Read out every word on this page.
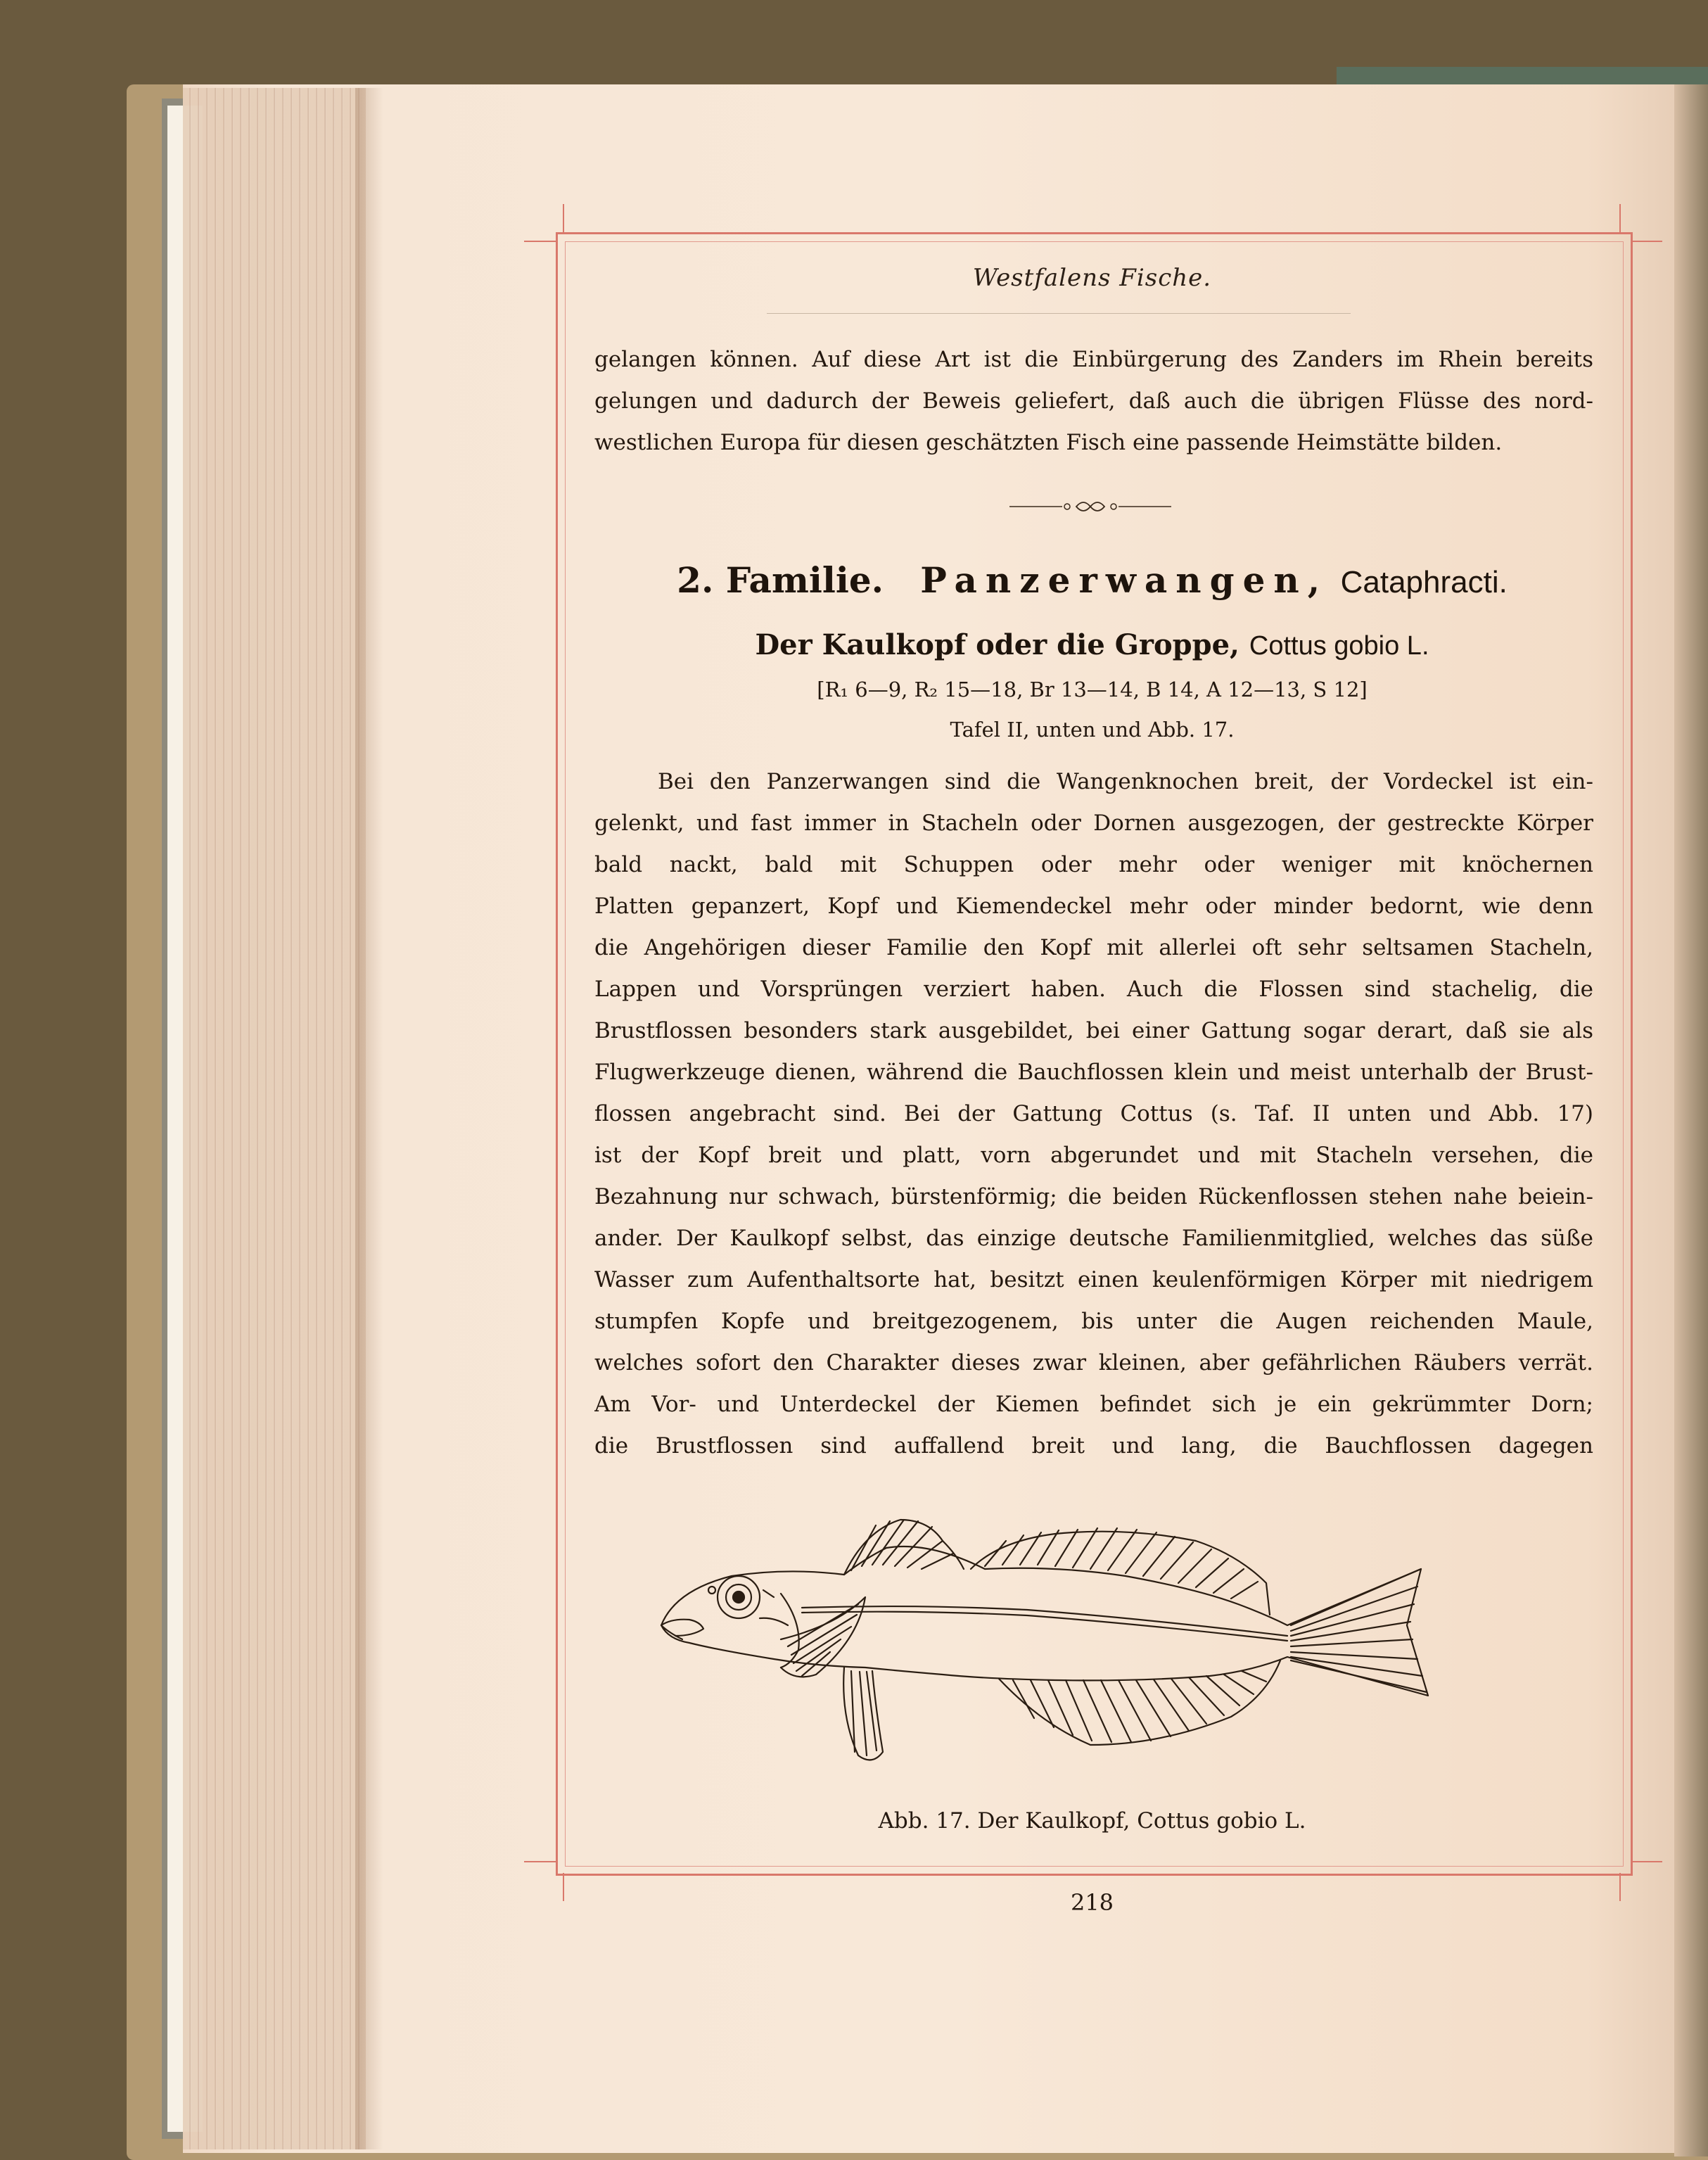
Westfalens Fische.
gelangen können. Auf diese Art ist die Einbürgerung des Zanders im Rhein bereits
gelungen und dadurch der Beweis geliefert, daß auch die übrigen Flüsse des nord-
westlichen Europa für diesen geschätzten Fisch eine passende Heimstätte bilden.
2. Familie. Panzerwangen, Cataphracti.
Der Kaulkopf oder die Groppe, Cottus gobio L.
[R₁ 6—9, R₂ 15—18, Br 13—14, B 14, A 12—13, S 12]
Tafel II, unten und Abb. 17.
Bei den Panzerwangen sind die Wangenknochen breit, der Vordeckel ist ein-
gelenkt, und fast immer in Stacheln oder Dornen ausgezogen, der gestreckte Körper
bald nackt, bald mit Schuppen oder mehr oder weniger mit knöchernen
Platten gepanzert, Kopf und Kiemendeckel mehr oder minder bedornt, wie denn
die Angehörigen dieser Familie den Kopf mit allerlei oft sehr seltsamen Stacheln,
Lappen und Vorsprüngen verziert haben. Auch die Flossen sind stachelig, die
Brustflossen besonders stark ausgebildet, bei einer Gattung sogar derart, daß sie als
Flugwerkzeuge dienen, während die Bauchflossen klein und meist unterhalb der Brust-
flossen angebracht sind. Bei der Gattung Cottus (s. Taf. II unten und Abb. 17)
ist der Kopf breit und platt, vorn abgerundet und mit Stacheln versehen, die
Bezahnung nur schwach, bürstenförmig; die beiden Rückenflossen stehen nahe beiein-
ander. Der Kaulkopf selbst, das einzige deutsche Familienmitglied, welches das süße
Wasser zum Aufenthaltsorte hat, besitzt einen keulenförmigen Körper mit niedrigem
stumpfen Kopfe und breitgezogenem, bis unter die Augen reichenden Maule,
welches sofort den Charakter dieses zwar kleinen, aber gefährlichen Räubers verrät.
Am Vor- und Unterdeckel der Kiemen befindet sich je ein gekrümmter Dorn;
die Brustflossen sind auffallend breit und lang, die Bauchflossen dagegen
Abb. 17. Der Kaulkopf, Cottus gobio L.
218
